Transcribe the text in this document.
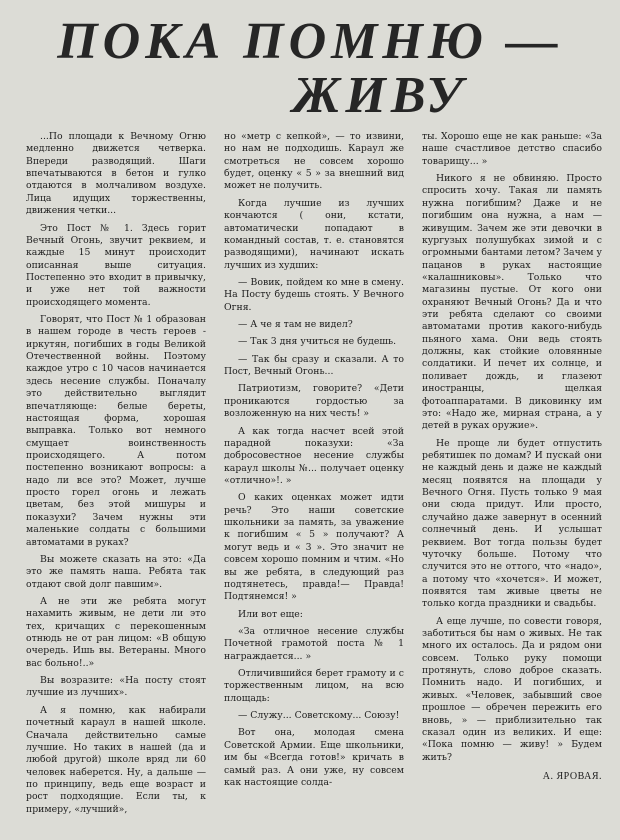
ПОКА ПОМНЮ —
ЖИВУ

...По площади к Вечному Огню медленно движется четверка. Впереди разводящий. Шаги впечатываются в бетон и гулко отдаются в молчаливом воздухе. Лица идущих торжественны, движения четки...

Это Пост № 1. Здесь горит Вечный Огонь, звучит реквием, и каждые 15 минут происходит описанная выше ситуация. Постепенно это входит в привычку, и уже нет той важности происходящего момента.

Говорят, что Пост № 1 образован в нашем городе в честь героев - иркутян, погибших в годы Великой Отечественной войны. Поэтому каждое утро с 10 часов начинается здесь несение службы. Поначалу это действительно выглядит впечатляюще: белые береты, настоящая форма, хорошая выправка. Только вот немного смущает воинственность происходящего. А потом постепенно возникают вопросы: а надо ли все это? Может, лучше просто горел огонь и лежать цветам, без этой мишуры и показухи? Зачем нужны эти маленькие солдаты с большими автоматами в руках?

Вы можете сказать на это: «Да это же память наша. Ребята так отдают свой долг павшим».

А не эти же ребята могут нахамить живым, не дети ли это тех, кричащих с перекошенным отнюдь не от ран лицом: «В общую очередь. Ишь вы. Ветераны. Много вас больно!..»

Вы возразите: «На посту стоят лучшие из лучших».

А я помню, как набирали почетный караул в нашей школе. Сначала действительно самые лучшие. Но таких в нашей (да и любой другой) школе вряд ли 60 человек наберется. Ну, а дальше — по принципу, ведь еще возраст и рост подходящие. Если ты, к примеру, «лучший»,

но «метр с кепкой», — то извини, но нам не подходишь. Караул же смотреться не совсем хорошо будет, оценку « 5 » за внешний вид может не получить.

Когда лучшие из лучших кончаются ( они, кстати, автоматически попадают в командный состав, т. е. становятся разводящими), начинают искать лучших из худших:

— Вовик, пойдем ко мне в смену. На Посту будешь стоять. У Вечного Огня.

— А че я там не видел?

— Так 3 дня учиться не будешь.

— Так бы сразу и сказали. А то Пост, Вечный Огонь...

Патриотизм, говорите? «Дети проникаются гордостью за возложенную на них честь! »

А как тогда насчет всей этой парадной показухи: «За добросовестное несение службы караул школы №... получает оценку «отлично»!. »

О каких оценках может идти речь? Это наши советские школьники за память, за уважение к погибшим « 5 » получают? А могут ведь и « 3 ». Это значит не совсем хорошо помним и чтим. «Но вы же ребята, в следующий раз подтянетесь, правда!— Правда! Подтянемся! »

Или вот еще:

«За отличное несение службы Почетной грамотой поста № 1 награждается... »

Отличившийся берет грамоту и с торжественным лицом, на всю площадь:

— Служу... Советскому... Союзу!

Вот она, молодая смена Советской Армии. Еще школьники, им бы «Всегда готов!» кричать в самый раз. А они уже, ну совсем как настоящие солда-

ты. Хорошо еще не как раньше: «За наше счастливое детство спасибо товарищу... »

Никого я не обвиняю. Просто спросить хочу. Такая ли память нужна погибшим? Даже и не погибшим она нужна, а нам — живущим. Зачем же эти девочки в кургузых полушубках зимой и с огромными бантами летом? Зачем у пацанов в руках настоящие «калашниковы». Только что магазины пустые. От кого они охраняют Вечный Огонь? Да и что эти ребята сделают со своими автоматами против какого-нибудь пьяного хама. Они ведь стоять должны, как стойкие оловянные солдатики. И печет их солнце, и поливает дождь, и глазеют иностранцы, щелкая фотоаппаратами. В диковинку им это: «Надо же, мирная страна, а у детей в руках оружие».

Не проще ли будет отпустить ребятишек по домам? И пускай они не каждый день и даже не каждый месяц появятся на площади у Вечного Огня. Пусть только 9 мая они сюда придут. Или просто, случайно даже завернут в осенний солнечный день. И услышат реквием. Вот тогда пользы будет чуточку больше. Потому что случится это не оттого, что «надо», а потому что «хочется». И может, появятся там живые цветы не только когда праздники и свадьбы.

А еще лучше, по совести говоря, заботиться бы нам о живых. Не так много их осталось. Да и рядом они совсем. Только руку помощи протянуть, слово доброе сказать. Помнить надо. И погибших, и живых. «Человек, забывший свое прошлое — обречен пережить его вновь, » — приблизительно так сказал один из великих. И еще: «Пока помню — живу! » Будем жить?

А. ЯРОВАЯ.
